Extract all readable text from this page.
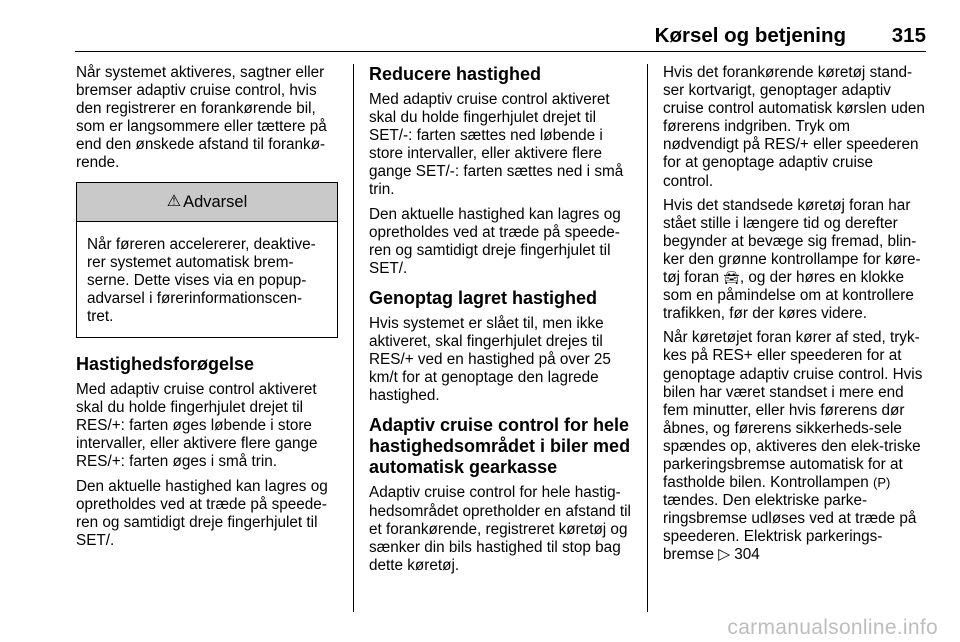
Kørsel og betjening 315

Når systemet aktiveres, sagtner eller bremser adaptiv cruise control, hvis den registrerer en forankørende bil, som er langsommere eller tættere på end den ønskede afstand til forankø-rende.

⚠ Advarsel
Når føreren accelererer, deaktive-rer systemet automatisk brem-serne. Dette vises via en popup-advarsel i førerinformationscen-tret.
Hastighedsforøgelse

Med adaptiv cruise control aktiveret skal du holde fingerhjulet drejet til RES/+: farten øges løbende i store intervaller, eller aktivere flere gange RES/+: farten øges i små trin.

Den aktuelle hastighed kan lagres og opretholdes ved at træde på speede-ren og samtidigt dreje fingerhjulet til SET/.

Reducere hastighed

Med adaptiv cruise control aktiveret skal du holde fingerhjulet drejet til SET/-: farten sættes ned løbende i store intervaller, eller aktivere flere gange SET/-: farten sættes ned i små trin.

Den aktuelle hastighed kan lagres og opretholdes ved at træde på speede-ren og samtidigt dreje fingerhjulet til SET/.

Genoptag lagret hastighed

Hvis systemet er slået til, men ikke aktiveret, skal fingerhjulet drejes til RES/+ ved en hastighed på over 25 km/t for at genoptage den lagrede hastighed.

Adaptiv cruise control for hele hastighedsområdet i biler med automatisk gearkasse

Adaptiv cruise control for hele hastig-hedsområdet opretholder en afstand til et forankørende, registreret køretøj og sænker din bils hastighed til stop bag dette køretøj.

Hvis det forankørende køretøj stand-ser kortvarigt, genoptager adaptiv cruise control automatisk kørslen uden førerens indgriben. Tryk om nødvendigt på RES/+ eller speederen for at genoptage adaptiv cruise control.

Hvis det standsede køretøj foran har stået stille i længere tid og derefter begynder at bevæge sig fremad, blin-ker den grønne kontrollampe for køre-tøj foran 🚘︎, og der høres en klokke som en påmindelse om at kontrollere trafikken, før der køres videre.

Når køretøjet foran kører af sted, tryk-kes på RES+ eller speederen for at genoptage adaptiv cruise control. Hvis bilen har været standset i mere end fem minutter, eller hvis førerens dør åbnes, og førerens sikkerheds-sele spændes op, aktiveres den elek-triske parkeringsbremse automatisk for at fastholde bilen. Kontrollampen (P) tændes. Den elektriske parke-ringsbremse udløses ved at træde på speederen. Elektrisk parkerings-bremse ▷ 304

carmanualsonline.info
